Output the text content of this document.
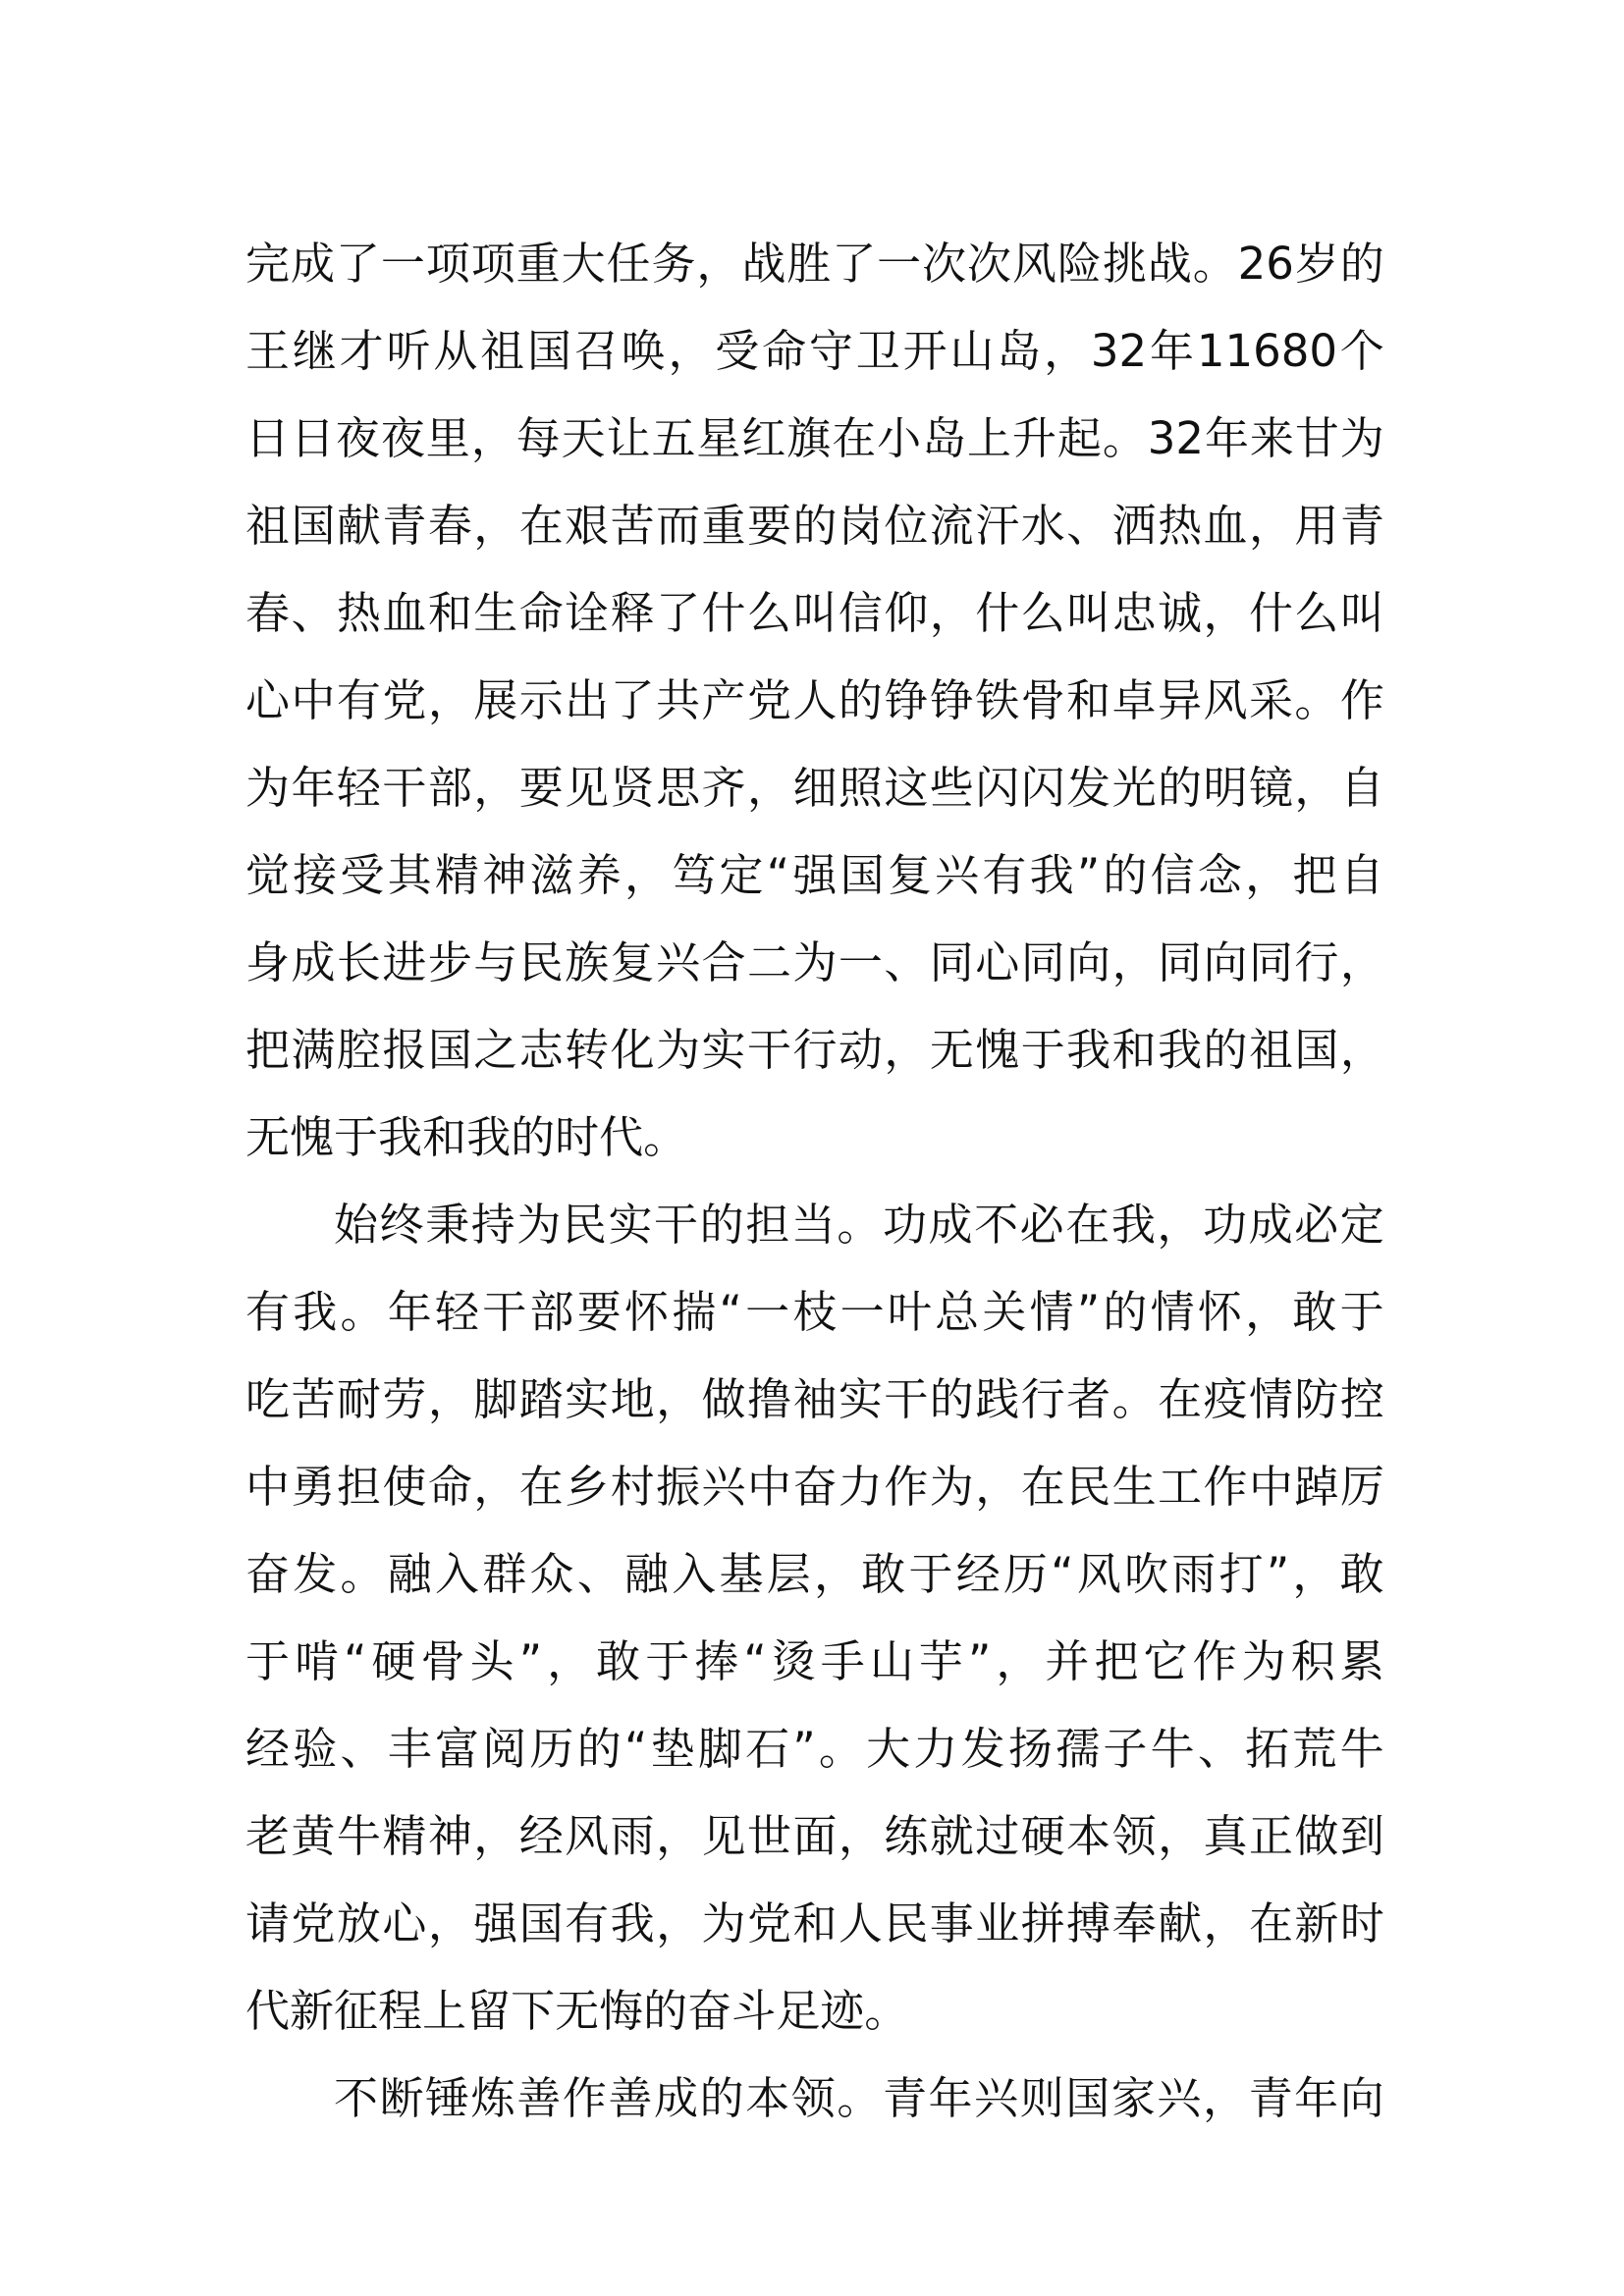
完 成 了 一 项 项 重 大 任 务 ， 战 胜 了 一 次 次 风 险 挑 战 。 26 岁 的
王 继 才 听 从 祖 国 召 唤 ， 受 命 守 卫 开 山 岛 ， 32 年 11680 个
日 日 夜 夜 里 ， 每 天 让 五 星 红 旗 在 小 岛 上 升 起 。 32 年 来 甘 为
祖 国 献 青 春 ， 在 艰 苦 而 重 要 的 岗 位 流 汗 水 、 洒 热 血 ， 用 青
春 、 热 血 和 生 命 诠 释 了 什 么 叫 信 仰 ， 什 么 叫 忠 诚 ， 什 么 叫
心 中 有 党 ， 展 示 出 了 共 产 党 人 的 铮 铮 铁 骨 和 卓 异 风 采 。 作
为 年 轻 干 部 ， 要 见 贤 思 齐 ， 细 照 这 些 闪 闪 发 光 的 明 镜 ， 自
觉 接 受 其 精 神 滋 养 ， 笃 定 “ 强 国 复 兴 有 我 ” 的 信 念 ， 把 自
身 成 长 进 步 与 民 族 复 兴 合 二 为 一 、 同 心 同 向 ， 同 向 同 行 ，
把 满 腔 报 国 之 志 转 化 为 实 干 行 动 ， 无 愧 于 我 和 我 的 祖 国 ，
无 愧 于 我 和 我 的 时 代 。
始 终 秉 持 为 民 实 干 的 担 当 。 功 成 不 必 在 我 ， 功 成 必 定
有 我 。 年 轻 干 部 要 怀 揣 “ 一 枝 一 叶 总 关 情 ” 的 情 怀 ， 敢 于
吃 苦 耐 劳 ， 脚 踏 实 地 ， 做 撸 袖 实 干 的 践 行 者 。 在 疫 情 防 控
中 勇 担 使 命 ， 在 乡 村 振 兴 中 奋 力 作 为 ， 在 民 生 工 作 中 踔 厉
奋 发 。 融 入 群 众 、 融 入 基 层 ， 敢 于 经 历 “ 风 吹 雨 打 ” ， 敢
于 啃 “ 硬 骨 头 ” ， 敢 于 捧 “ 烫 手 山 芋 ” ， 并 把 它 作 为 积 累
经 验 、 丰 富 阅 历 的 “ 垫 脚 石 ” 。 大 力 发 扬 孺 子 牛 、 拓 荒 牛
老 黄 牛 精 神 ， 经 风 雨 ， 见 世 面 ， 练 就 过 硬 本 领 ， 真 正 做 到
请 党 放 心 ， 强 国 有 我 ， 为 党 和 人 民 事 业 拼 搏 奉 献 ， 在 新 时
代 新 征 程 上 留 下 无 悔 的 奋 斗 足 迹 。
不 断 锤 炼 善 作 善 成 的 本 领 。 青 年 兴 则 国 家 兴 ， 青 年 向
